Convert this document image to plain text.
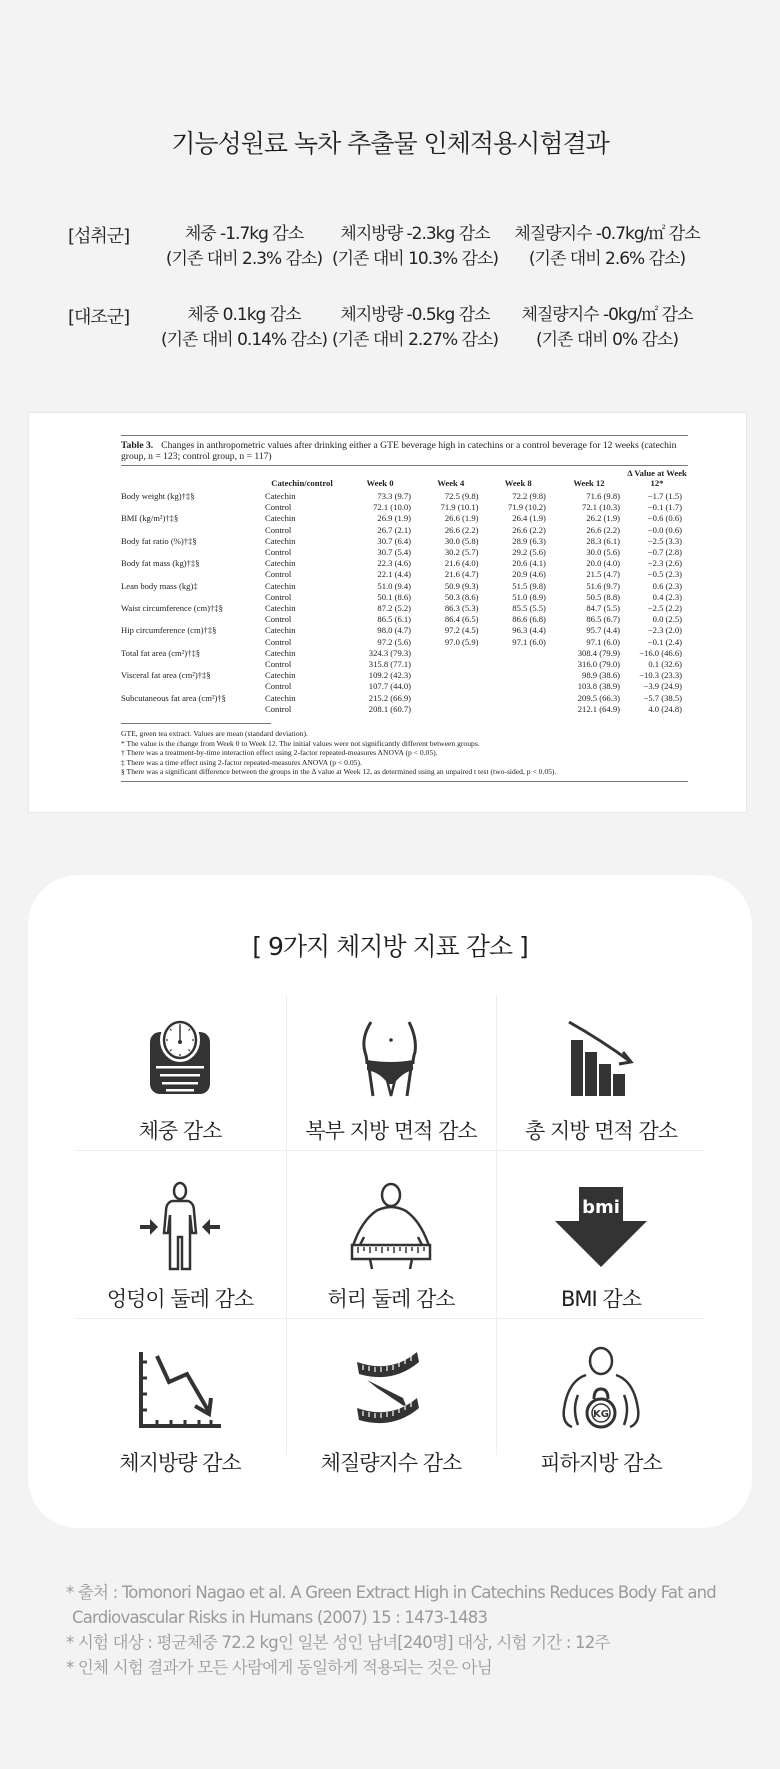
기능성원료 녹차 추출물 인체적용시험결과
[섭취군]	체중 -1.7kg 감소
(기존 대비 2.3% 감소)
체지방량 -2.3kg 감소
(기존 대비 10.3% 감소)
체질량지수 -0.7kg/㎡ 감소
(기존 대비 2.6% 감소)
[대조군]	체중 0.1kg 감소
(기존 대비 0.14% 감소)
체지방량 -0.5kg 감소
(기존 대비 2.27% 감소)
체질량지수 -0kg/㎡ 감소
(기존 대비 0% 감소)
Table 3. Changes in anthropometric values after drinking either a GTE beverage high in catechins or a control beverage for 12 weeks (catechin group, n = 123; control group, n = 117)
	Catechin/control	Week 0	Week 4	Week 8	Week 12	Δ Value at Week 12*
Body weight (kg)†‡§	Catechin	73.3 (9.7)	72.5 (9.8)	72.2 (9.8)	71.6 (9.8)	−1.7 (1.5)
	Control	72.1 (10.0)	71.9 (10.1)	71.9 (10.2)	72.1 (10.3)	−0.1 (1.7)
BMI (kg/m²)†‡§	Catechin	26.9 (1.9)	26.6 (1.9)	26.4 (1.9)	26.2 (1.9)	−0.6 (0.6)
	Control	26.7 (2.1)	26.6 (2.2)	26.6 (2.2)	26.6 (2.2)	−0.0 (0.6)
Body fat ratio (%)†‡§	Catechin	30.7 (6.4)	30.0 (5.8)	28.9 (6.3)	28.3 (6.1)	−2.5 (3.3)
	Control	30.7 (5.4)	30.2 (5.7)	29.2 (5.6)	30.0 (5.6)	−0.7 (2.8)
Body fat mass (kg)†‡§	Catechin	22.3 (4.6)	21.6 (4.0)	20.6 (4.1)	20.0 (4.0)	−2.3 (2.6)
	Control	22.1 (4.4)	21.6 (4.7)	20.9 (4.6)	21.5 (4.7)	−0.5 (2.3)
Lean body mass (kg)‡	Catechin	51.0 (9.4)	50.9 (9.3)	51.5 (9.8)	51.6 (9.7)	0.6 (2.3)
	Control	50.1 (8.6)	50.3 (8.6)	51.0 (8.9)	50.5 (8.8)	0.4 (2.3)
Waist circumference (cm)†‡§	Catechin	87.2 (5.2)	86.3 (5.3)	85.5 (5.5)	84.7 (5.5)	−2.5 (2.2)
	Control	86.5 (6.1)	86.4 (6.5)	86.6 (6.8)	86.5 (6.7)	0.0 (2.5)
Hip circumference (cm)†‡§	Catechin	98.0 (4.7)	97.2 (4.5)	96.3 (4.4)	95.7 (4.4)	−2.3 (2.0)
	Control	97.2 (5.6)	97.0 (5.9)	97.1 (6.0)	97.1 (6.0)	−0.1 (2.4)
Total fat area (cm²)†‡§	Catechin	324.3 (79.3)			308.4 (79.9)	−16.0 (46.6)
	Control	315.8 (77.1)			316.0 (79.0)	0.1 (32.6)
Visceral fat area (cm²)†‡§	Catechin	109.2 (42.3)			98.9 (38.6)	−10.3 (23.3)
	Control	107.7 (44.0)			103.8 (38.9)	−3.9 (24.9)
Subcutaneous fat area (cm²)†§	Catechin	215.2 (66.9)			209.5 (66.3)	−5.7 (38.5)
	Control	208.1 (60.7)			212.1 (64.9)	4.0 (24.8)
GTE, green tea extract. Values are mean (standard deviation).
* The value is the change from Week 0 to Week 12. The initial values were not significantly different between groups.
† There was a treatment-by-time interaction effect using 2-factor repeated-measures ANOVA (p < 0.05).
‡ There was a time effect using 2-factor repeated-measures ANOVA (p < 0.05).
§ There was a significant difference between the groups in the Δ value at Week 12, as determined using an unpaired t test (two-sided, p < 0.05).
[ 9가지 체지방 지표 감소 ]
체중 감소	복부 지방 면적 감소	총 지방 면적 감소
엉덩이 둘레 감소	허리 둘레 감소
bmi
BMI 감소
체지방량 감소	체질량지수 감소
KG
피하지방 감소
* 출처 : Tomonori Nagao et al. A Green Extract High in Catechins Reduces Body Fat and
Cardiovascular Risks in Humans (2007) 15 : 1473-1483
* 시험 대상 : 평균체중 72.2 kg인 일본 성인 남녀[240명] 대상, 시험 기간 : 12주
* 인체 시험 결과가 모든 사람에게 동일하게 적용되는 것은 아님
